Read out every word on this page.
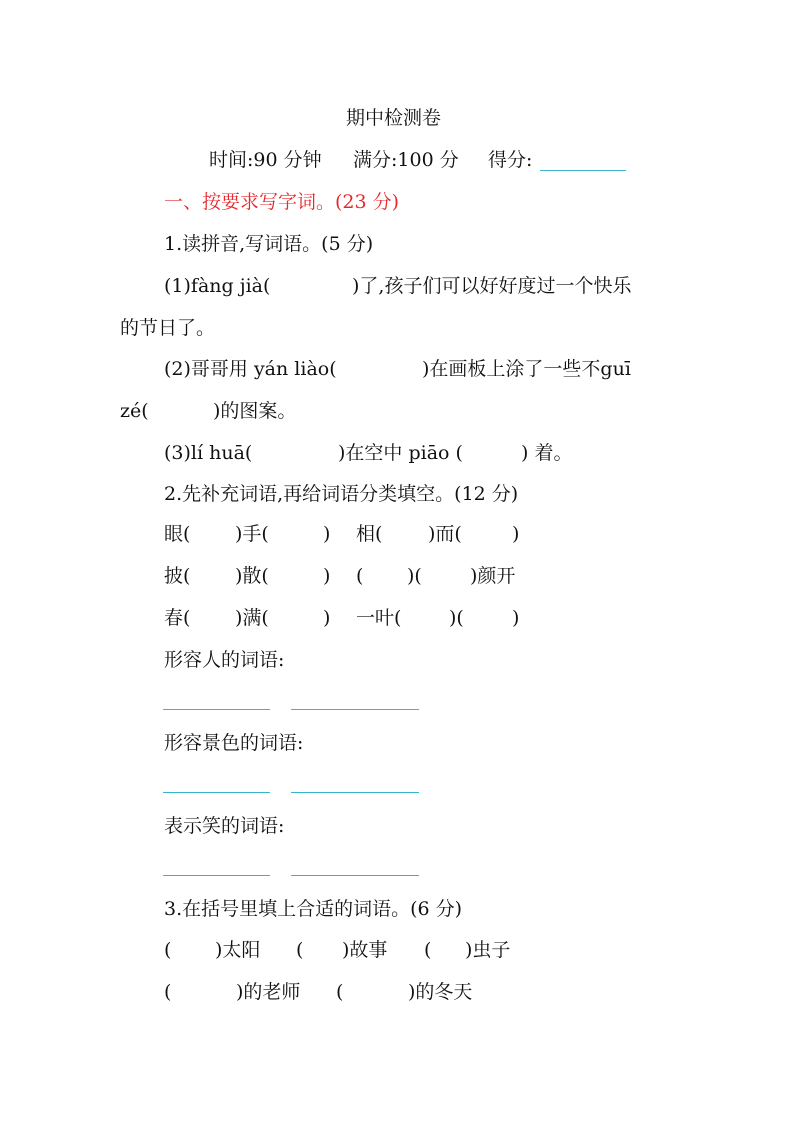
期中检测卷
时间:90 分钟 满分:100 分 得分:
一、按要求写字词。(23 分)
1.读拼音,写词语。(5 分)
(1)fàng jià(	)了,孩子们可以好好度过一个快乐
的节日了。
(2)哥哥用 yán liào(	)在画板上涂了一些不guī
zé(	)的图案。
(3)lí huā(	)在空中 piāo (	) 着。
2.先补充词语,再给词语分类填空。(12 分)
眼( )手(	) 相( )而(	)
披( )散(	) ( )(	)颜开
春( )满(	) 一叶(	)(	)
形容人的词语:
形容景色的词语:
表示笑的词语:
3.在括号里填上合适的词语。(6 分)
( )太阳 ( )故事 ( )虫子
(	)的老师 (	)的冬天
